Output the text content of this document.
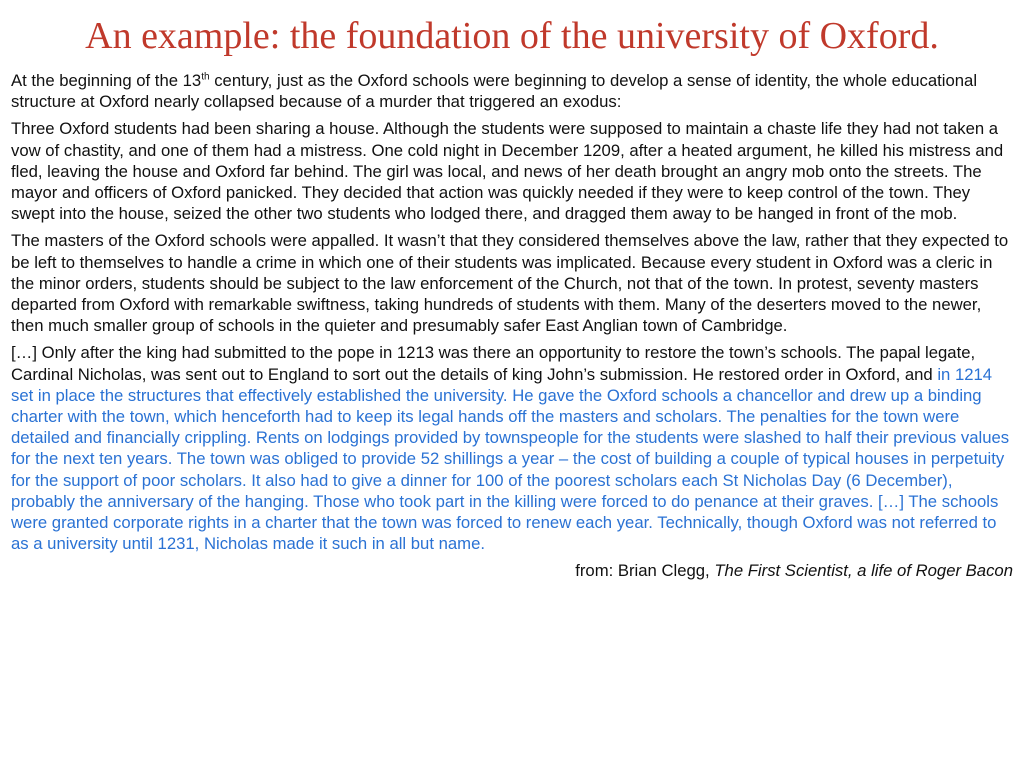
An example: the foundation of the university of Oxford.

At the beginning of the 13th century, just as the Oxford schools were beginning to develop a sense of identity, the whole educational structure at Oxford nearly collapsed because of a murder that triggered an exodus:

Three Oxford students had been sharing a house. Although the students were supposed to maintain a chaste life they had not taken a vow of chastity, and one of them had a mistress. One cold night in December 1209, after a heated argument, he killed his mistress and fled, leaving the house and Oxford far behind. The girl was local, and news of her death brought an angry mob onto the streets. The mayor and officers of Oxford panicked. They decided that action was quickly needed if they were to keep control of the town. They swept into the house, seized the other two students who lodged there, and dragged them away to be hanged in front of the mob.

The masters of the Oxford schools were appalled. It wasn’t that they considered themselves above the law, rather that they expected to be left to themselves to handle a crime in which one of their students was implicated. Because every student in Oxford was a cleric in the minor orders, students should be subject to the law enforcement of the Church, not that of the town. In protest, seventy masters departed from Oxford with remarkable swiftness, taking hundreds of students with them. Many of the deserters moved to the newer, then much smaller group of schools in the quieter and presumably safer East Anglian town of Cambridge.

[…] Only after the king had submitted to the pope in 1213 was there an opportunity to restore the town’s schools. The papal legate, Cardinal Nicholas, was sent out to England to sort out the details of king John’s submission. He restored order in Oxford, and in 1214 set in place the structures that effectively established the university. He gave the Oxford schools a chancellor and drew up a binding charter with the town, which henceforth had to keep its legal hands off the masters and scholars. The penalties for the town were detailed and financially crippling. Rents on lodgings provided by townspeople for the students were slashed to half their previous values for the next ten years. The town was obliged to provide 52 shillings a year – the cost of building a couple of typical houses in perpetuity for the support of poor scholars. It also had to give a dinner for 100 of the poorest scholars each St Nicholas Day (6 December), probably the anniversary of the hanging. Those who took part in the killing were forced to do penance at their graves. […] The schools were granted corporate rights in a charter that the town was forced to renew each year. Technically, though Oxford was not referred to as a university until 1231, Nicholas made it such in all but name.

from: Brian Clegg, The First Scientist, a life of Roger Bacon
